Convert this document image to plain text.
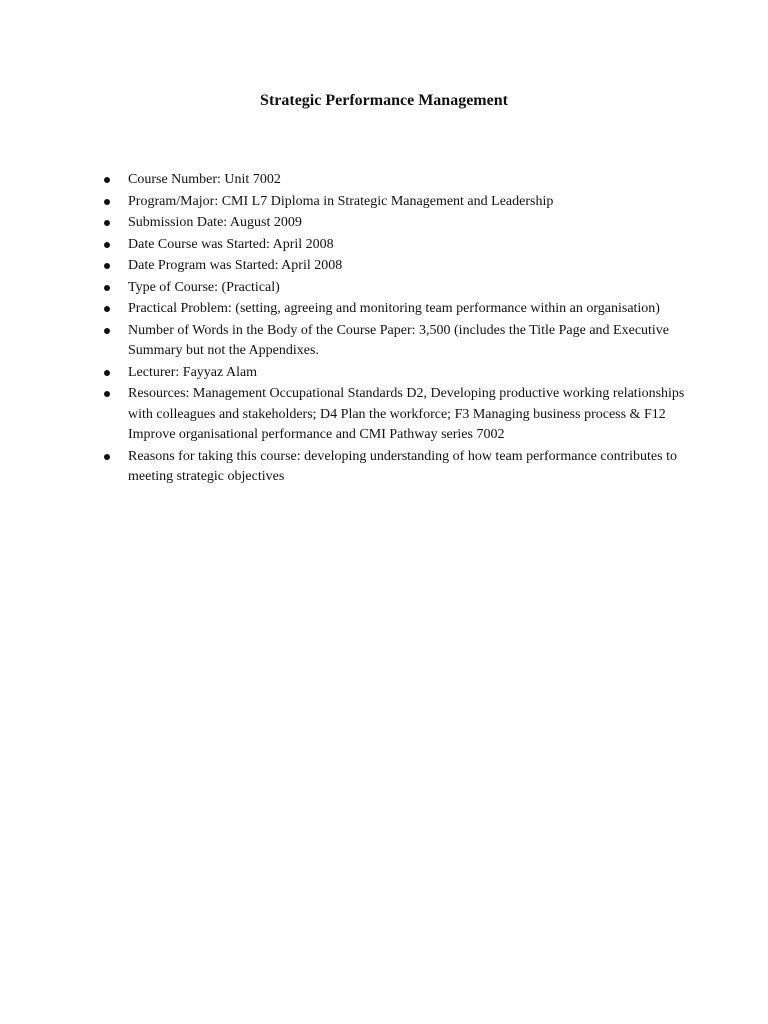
Strategic Performance Management
Course Number: Unit 7002
Program/Major: CMI L7 Diploma in Strategic Management and Leadership
Submission Date: August 2009
Date Course was Started: April 2008
Date Program was Started: April 2008
Type of Course: (Practical)
Practical Problem: (setting, agreeing and monitoring team performance within an organisation)
Number of Words in the Body of the Course Paper: 3,500 (includes the Title Page and Executive Summary but not the Appendixes.
Lecturer: Fayyaz Alam
Resources: Management Occupational Standards D2, Developing productive working relationships with colleagues and stakeholders; D4 Plan the workforce; F3 Managing business process & F12 Improve organisational performance and CMI Pathway series 7002
Reasons for taking this course: developing understanding of how team performance contributes to meeting strategic objectives
